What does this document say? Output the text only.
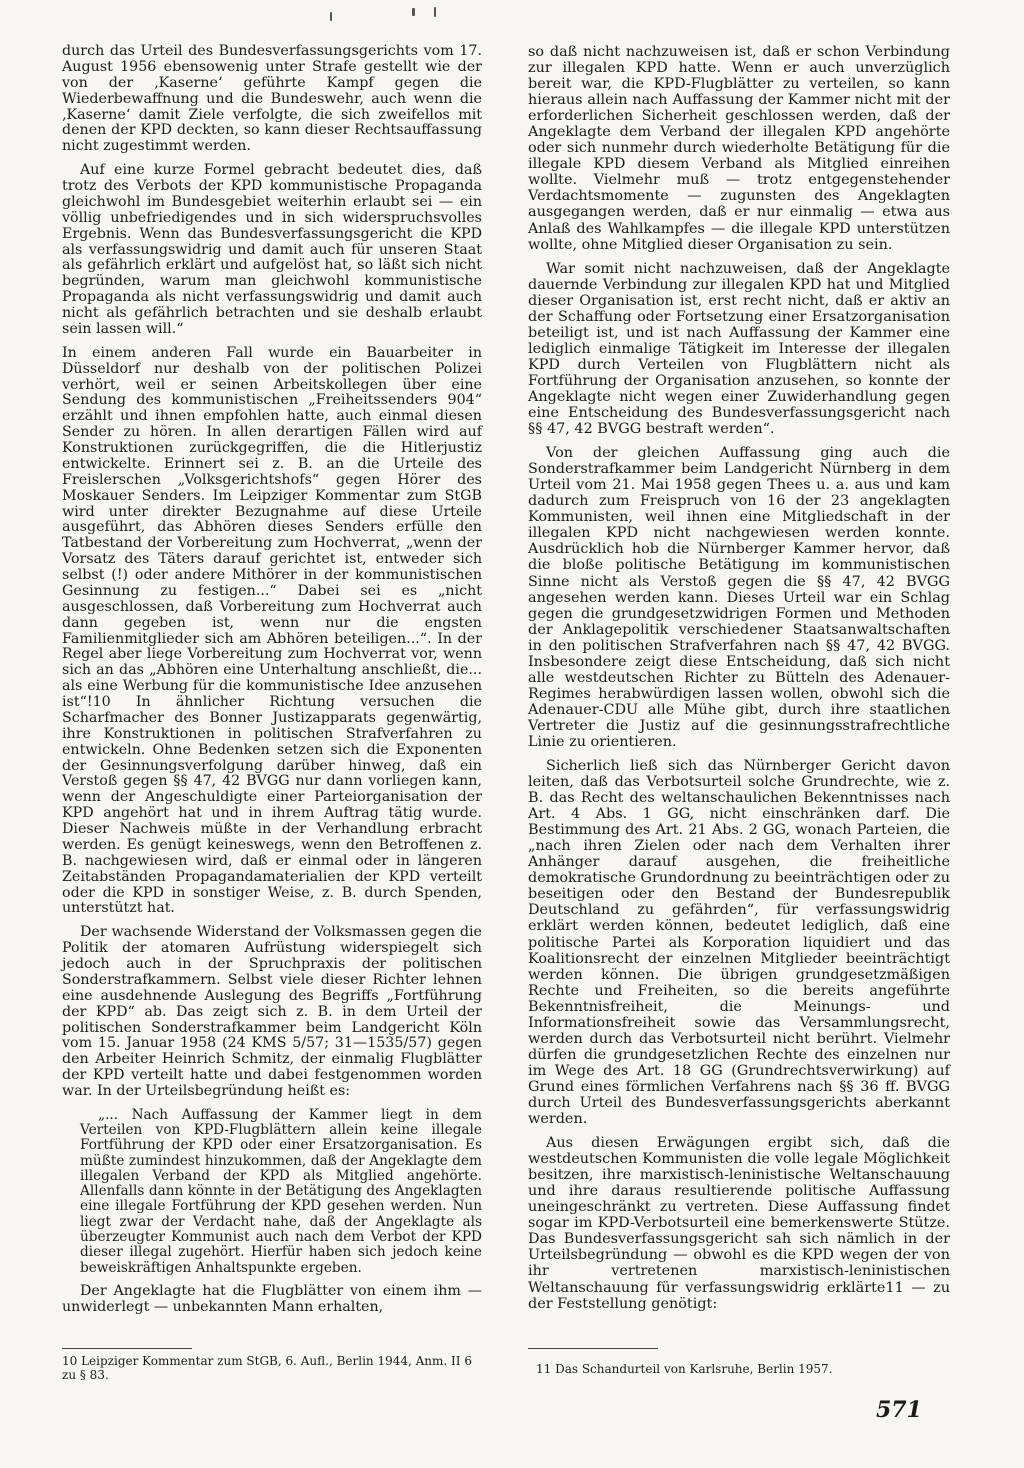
durch das Urteil des Bundesverfassungsgerichts vom 17. August 1956 ebensowenig unter Strafe gestellt wie der von der ‚Kaserne‘ geführte Kampf gegen die Wiederbewaffnung und die Bundeswehr, auch wenn die ‚Kaserne‘ damit Ziele verfolgte, die sich zweifellos mit denen der KPD deckten, so kann dieser Rechtsauffassung nicht zugestimmt werden.

Auf eine kurze Formel gebracht bedeutet dies, daß trotz des Verbots der KPD kommunistische Propaganda gleichwohl im Bundesgebiet weiterhin erlaubt sei — ein völlig unbefriedigendes und in sich widerspruchsvolles Ergebnis. Wenn das Bundesverfassungsgericht die KPD als verfassungswidrig und damit auch für unseren Staat als gefährlich erklärt und aufgelöst hat, so läßt sich nicht begründen, warum man gleichwohl kommunistische Propaganda als nicht verfassungswidrig und damit auch nicht als gefährlich betrachten und sie deshalb erlaubt sein lassen will.“

In einem anderen Fall wurde ein Bauarbeiter in Düsseldorf nur deshalb von der politischen Polizei verhört, weil er seinen Arbeitskollegen über eine Sendung des kommunistischen „Freiheitssenders 904“ erzählt und ihnen empfohlen hatte, auch einmal diesen Sender zu hören. In allen derartigen Fällen wird auf Konstruktionen zurückgegriffen, die die Hitlerjustiz entwickelte. Erinnert sei z. B. an die Urteile des Freislerschen „Volksgerichtshofs“ gegen Hörer des Moskauer Senders. Im Leipziger Kommentar zum StGB wird unter direkter Bezugnahme auf diese Urteile ausgeführt, das Abhören dieses Senders erfülle den Tatbestand der Vorbereitung zum Hochverrat, „wenn der Vorsatz des Täters darauf gerichtet ist, entweder sich selbst (!) oder andere Mithörer in der kommunistischen Gesinnung zu festigen...“ Dabei sei es „nicht ausgeschlossen, daß Vorbereitung zum Hochverrat auch dann gegeben ist, wenn nur die engsten Familienmitglieder sich am Abhören beteiligen...“. In der Regel aber liege Vorbereitung zum Hochverrat vor, wenn sich an das „Abhören eine Unterhaltung anschließt, die... als eine Werbung für die kommunistische Idee anzusehen ist“!10 In ähnlicher Richtung versuchen die Scharfmacher des Bonner Justizapparats gegenwärtig, ihre Konstruktionen in politischen Strafverfahren zu entwickeln. Ohne Bedenken setzen sich die Exponenten der Gesinnungsverfolgung darüber hinweg, daß ein Verstoß gegen §§ 47, 42 BVGG nur dann vorliegen kann, wenn der Angeschuldigte einer Parteiorganisation der KPD angehört hat und in ihrem Auftrag tätig wurde. Dieser Nachweis müßte in der Verhandlung erbracht werden. Es genügt keineswegs, wenn den Betroffenen z. B. nachgewiesen wird, daß er einmal oder in längeren Zeitabständen Propagandamaterialien der KPD verteilt oder die KPD in sonstiger Weise, z. B. durch Spenden, unterstützt hat.

Der wachsende Widerstand der Volksmassen gegen die Politik der atomaren Aufrüstung widerspiegelt sich jedoch auch in der Spruchpraxis der politischen Sonderstrafkammern. Selbst viele dieser Richter lehnen eine ausdehnende Auslegung des Begriffs „Fortführung der KPD“ ab. Das zeigt sich z. B. in dem Urteil der politischen Sonderstrafkammer beim Landgericht Köln vom 15. Januar 1958 (24 KMS 5/57; 31—1535/57) gegen den Arbeiter Heinrich Schmitz, der einmalig Flugblätter der KPD verteilt hatte und dabei festgenommen worden war. In der Urteilsbegründung heißt es:

„... Nach Auffassung der Kammer liegt in dem Verteilen von KPD-Flugblättern allein keine illegale Fortführung der KPD oder einer Ersatzorganisation. Es müßte zumindest hinzukommen, daß der Angeklagte dem illegalen Verband der KPD als Mitglied angehörte. Allenfalls dann könnte in der Betätigung des Angeklagten eine illegale Fortführung der KPD gesehen werden. Nun liegt zwar der Verdacht nahe, daß der Angeklagte als überzeugter Kommunist auch nach dem Verbot der KPD dieser illegal zugehört. Hierfür haben sich jedoch keine beweiskräftigen Anhaltspunkte ergeben.

Der Angeklagte hat die Flugblätter von einem ihm — unwiderlegt — unbekannten Mann erhalten,

so daß nicht nachzuweisen ist, daß er schon Verbindung zur illegalen KPD hatte. Wenn er auch unverzüglich bereit war, die KPD-Flugblätter zu verteilen, so kann hieraus allein nach Auffassung der Kammer nicht mit der erforderlichen Sicherheit geschlossen werden, daß der Angeklagte dem Verband der illegalen KPD angehörte oder sich nunmehr durch wiederholte Betätigung für die illegale KPD diesem Verband als Mitglied einreihen wollte. Vielmehr muß — trotz entgegenstehender Verdachtsmomente — zugunsten des Angeklagten ausgegangen werden, daß er nur einmalig — etwa aus Anlaß des Wahlkampfes — die illegale KPD unterstützen wollte, ohne Mitglied dieser Organisation zu sein.

War somit nicht nachzuweisen, daß der Angeklagte dauernde Verbindung zur illegalen KPD hat und Mitglied dieser Organisation ist, erst recht nicht, daß er aktiv an der Schaffung oder Fortsetzung einer Ersatzorganisation beteiligt ist, und ist nach Auffassung der Kammer eine lediglich einmalige Tätigkeit im Interesse der illegalen KPD durch Verteilen von Flugblättern nicht als Fortführung der Organisation anzusehen, so konnte der Angeklagte nicht wegen einer Zuwiderhandlung gegen eine Entscheidung des Bundesverfassungsgericht nach §§ 47, 42 BVGG bestraft werden“.

Von der gleichen Auffassung ging auch die Sonderstrafkammer beim Landgericht Nürnberg in dem Urteil vom 21. Mai 1958 gegen Thees u. a. aus und kam dadurch zum Freispruch von 16 der 23 angeklagten Kommunisten, weil ihnen eine Mitgliedschaft in der illegalen KPD nicht nachgewiesen werden konnte. Ausdrücklich hob die Nürnberger Kammer hervor, daß die bloße politische Betätigung im kommunistischen Sinne nicht als Verstoß gegen die §§ 47, 42 BVGG angesehen werden kann. Dieses Urteil war ein Schlag gegen die grundgesetzwidrigen Formen und Methoden der Anklagepolitik verschiedener Staatsanwaltschaften in den politischen Strafverfahren nach §§ 47, 42 BVGG. Insbesondere zeigt diese Entscheidung, daß sich nicht alle westdeutschen Richter zu Bütteln des Adenauer-Regimes herabwürdigen lassen wollen, obwohl sich die Adenauer-CDU alle Mühe gibt, durch ihre staatlichen Vertreter die Justiz auf die gesinnungsstrafrechtliche Linie zu orientieren.

Sicherlich ließ sich das Nürnberger Gericht davon leiten, daß das Verbotsurteil solche Grundrechte, wie z. B. das Recht des weltanschaulichen Bekenntnisses nach Art. 4 Abs. 1 GG, nicht einschränken darf. Die Bestimmung des Art. 21 Abs. 2 GG, wonach Parteien, die „nach ihren Zielen oder nach dem Verhalten ihrer Anhänger darauf ausgehen, die freiheitliche demokratische Grundordnung zu beeinträchtigen oder zu beseitigen oder den Bestand der Bundesrepublik Deutschland zu gefährden“, für verfassungswidrig erklärt werden können, bedeutet lediglich, daß eine politische Partei als Korporation liquidiert und das Koalitionsrecht der einzelnen Mitglieder beeinträchtigt werden können. Die übrigen grundgesetzmäßigen Rechte und Freiheiten, so die bereits angeführte Bekenntnisfreiheit, die Meinungs- und Informationsfreiheit sowie das Versammlungsrecht, werden durch das Verbotsurteil nicht berührt. Vielmehr dürfen die grundgesetzlichen Rechte des einzelnen nur im Wege des Art. 18 GG (Grundrechtsverwirkung) auf Grund eines förmlichen Verfahrens nach §§ 36 ff. BVGG durch Urteil des Bundesverfassungsgerichts aberkannt werden.

Aus diesen Erwägungen ergibt sich, daß die westdeutschen Kommunisten die volle legale Möglichkeit besitzen, ihre marxistisch-leninistische Weltanschauung und ihre daraus resultierende politische Auffassung uneingeschränkt zu vertreten. Diese Auffassung findet sogar im KPD-Verbotsurteil eine bemerkenswerte Stütze. Das Bundesverfassungsgericht sah sich nämlich in der Urteilsbegründung — obwohl es die KPD wegen der von ihr vertretenen marxistisch-leninistischen Weltanschauung für verfassungswidrig erklärte11 — zu der Feststellung genötigt:

10 Leipziger Kommentar zum StGB, 6. Aufl., Berlin 1944, Anm. II 6 zu § 83.	11 Das Schandurteil von Karlsruhe, Berlin 1957.
571
